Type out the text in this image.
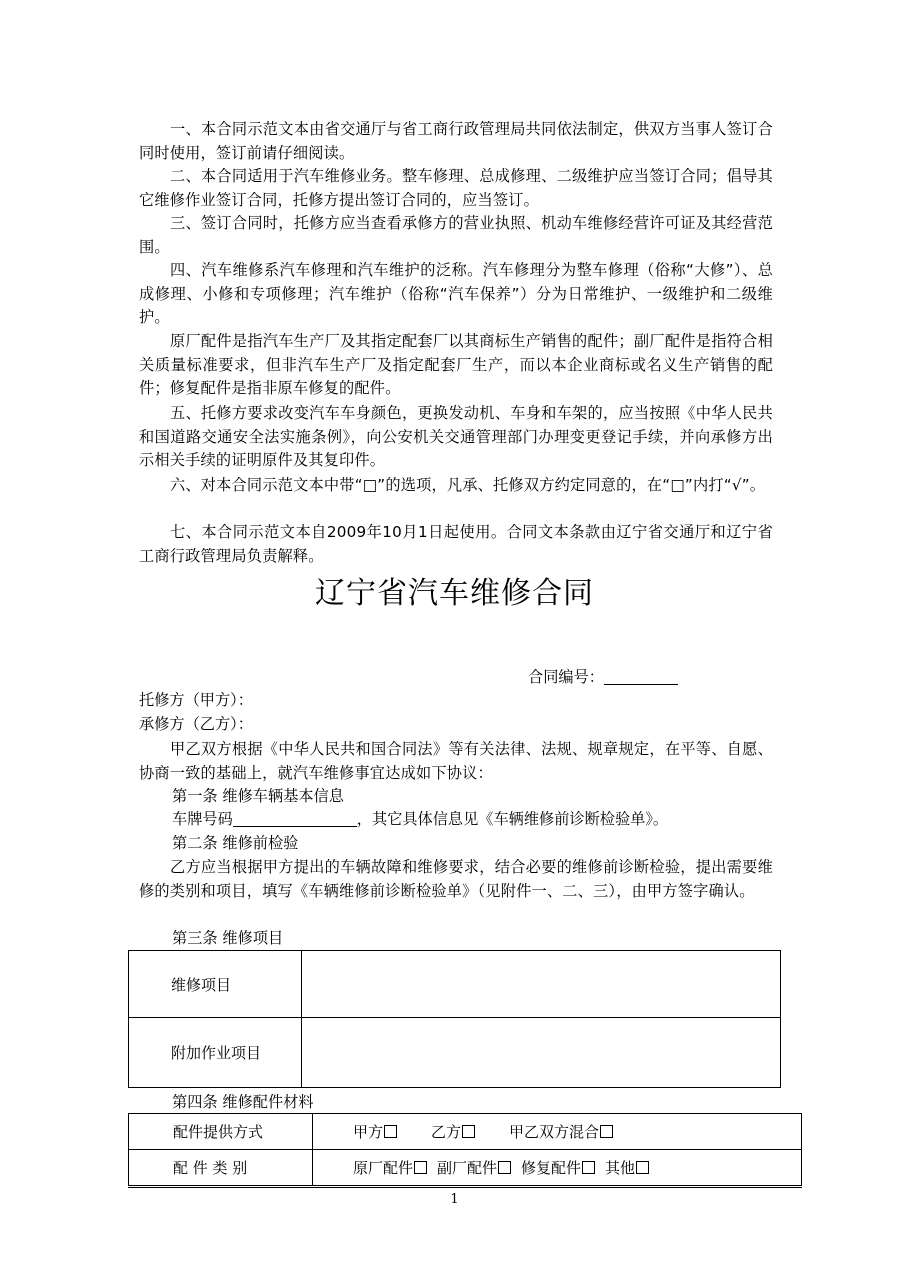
一、本合同示范文本由省交通厅与省工商行政管理局共同依法制定，供双方当事人签订合同时使用，签订前请仔细阅读。

二、本合同适用于汽车维修业务。整车修理、总成修理、二级维护应当签订合同；倡导其它维修作业签订合同，托修方提出签订合同的，应当签订。

三、签订合同时，托修方应当查看承修方的营业执照、机动车维修经营许可证及其经营范围。

四、汽车维修系汽车修理和汽车维护的泛称。汽车修理分为整车修理（俗称“大修”）、总成修理、小修和专项修理；汽车维护（俗称“汽车保养”）分为日常维护、一级维护和二级维护。

原厂配件是指汽车生产厂及其指定配套厂以其商标生产销售的配件；副厂配件是指符合相关质量标准要求，但非汽车生产厂及指定配套厂生产，而以本企业商标或名义生产销售的配件；修复配件是指非原车修复的配件。

五、托修方要求改变汽车车身颜色，更换发动机、车身和车架的，应当按照《中华人民共和国道路交通安全法实施条例》，向公安机关交通管理部门办理变更登记手续，并向承修方出示相关手续的证明原件及其复印件。

六、对本合同示范文本中带“□”的选项，凡承、托修双方约定同意的，在“□”内打“√”。

七、本合同示范文本自2009年10月1日起使用。合同文本条款由辽宁省交通厅和辽宁省工商行政管理局负责解释。

辽宁省汽车维修合同
合同编号：
托修方（甲方）：
承修方（乙方）：

甲乙双方根据《中华人民共和国合同法》等有关法律、法规、规章规定，在平等、自愿、协商一致的基础上，就汽车维修事宜达成如下协议：

第一条 维修车辆基本信息
车牌号码	，其它具体信息见《车辆维修前诊断检验单》。
第二条 维修前检验

乙方应当根据甲方提出的车辆故障和维修要求，结合必要的维修前诊断检验，提出需要维修的类别和项目，填写《车辆维修前诊断检验单》（见附件一、二、三），由甲方签字确认。

第三条 维修项目
维修项目	
附加作业项目	
第四条 维修配件材料
配件提供方式	甲方 乙方 甲乙双方混合
配 件 类 别	原厂配件 副厂配件 修复配件 其他
1
